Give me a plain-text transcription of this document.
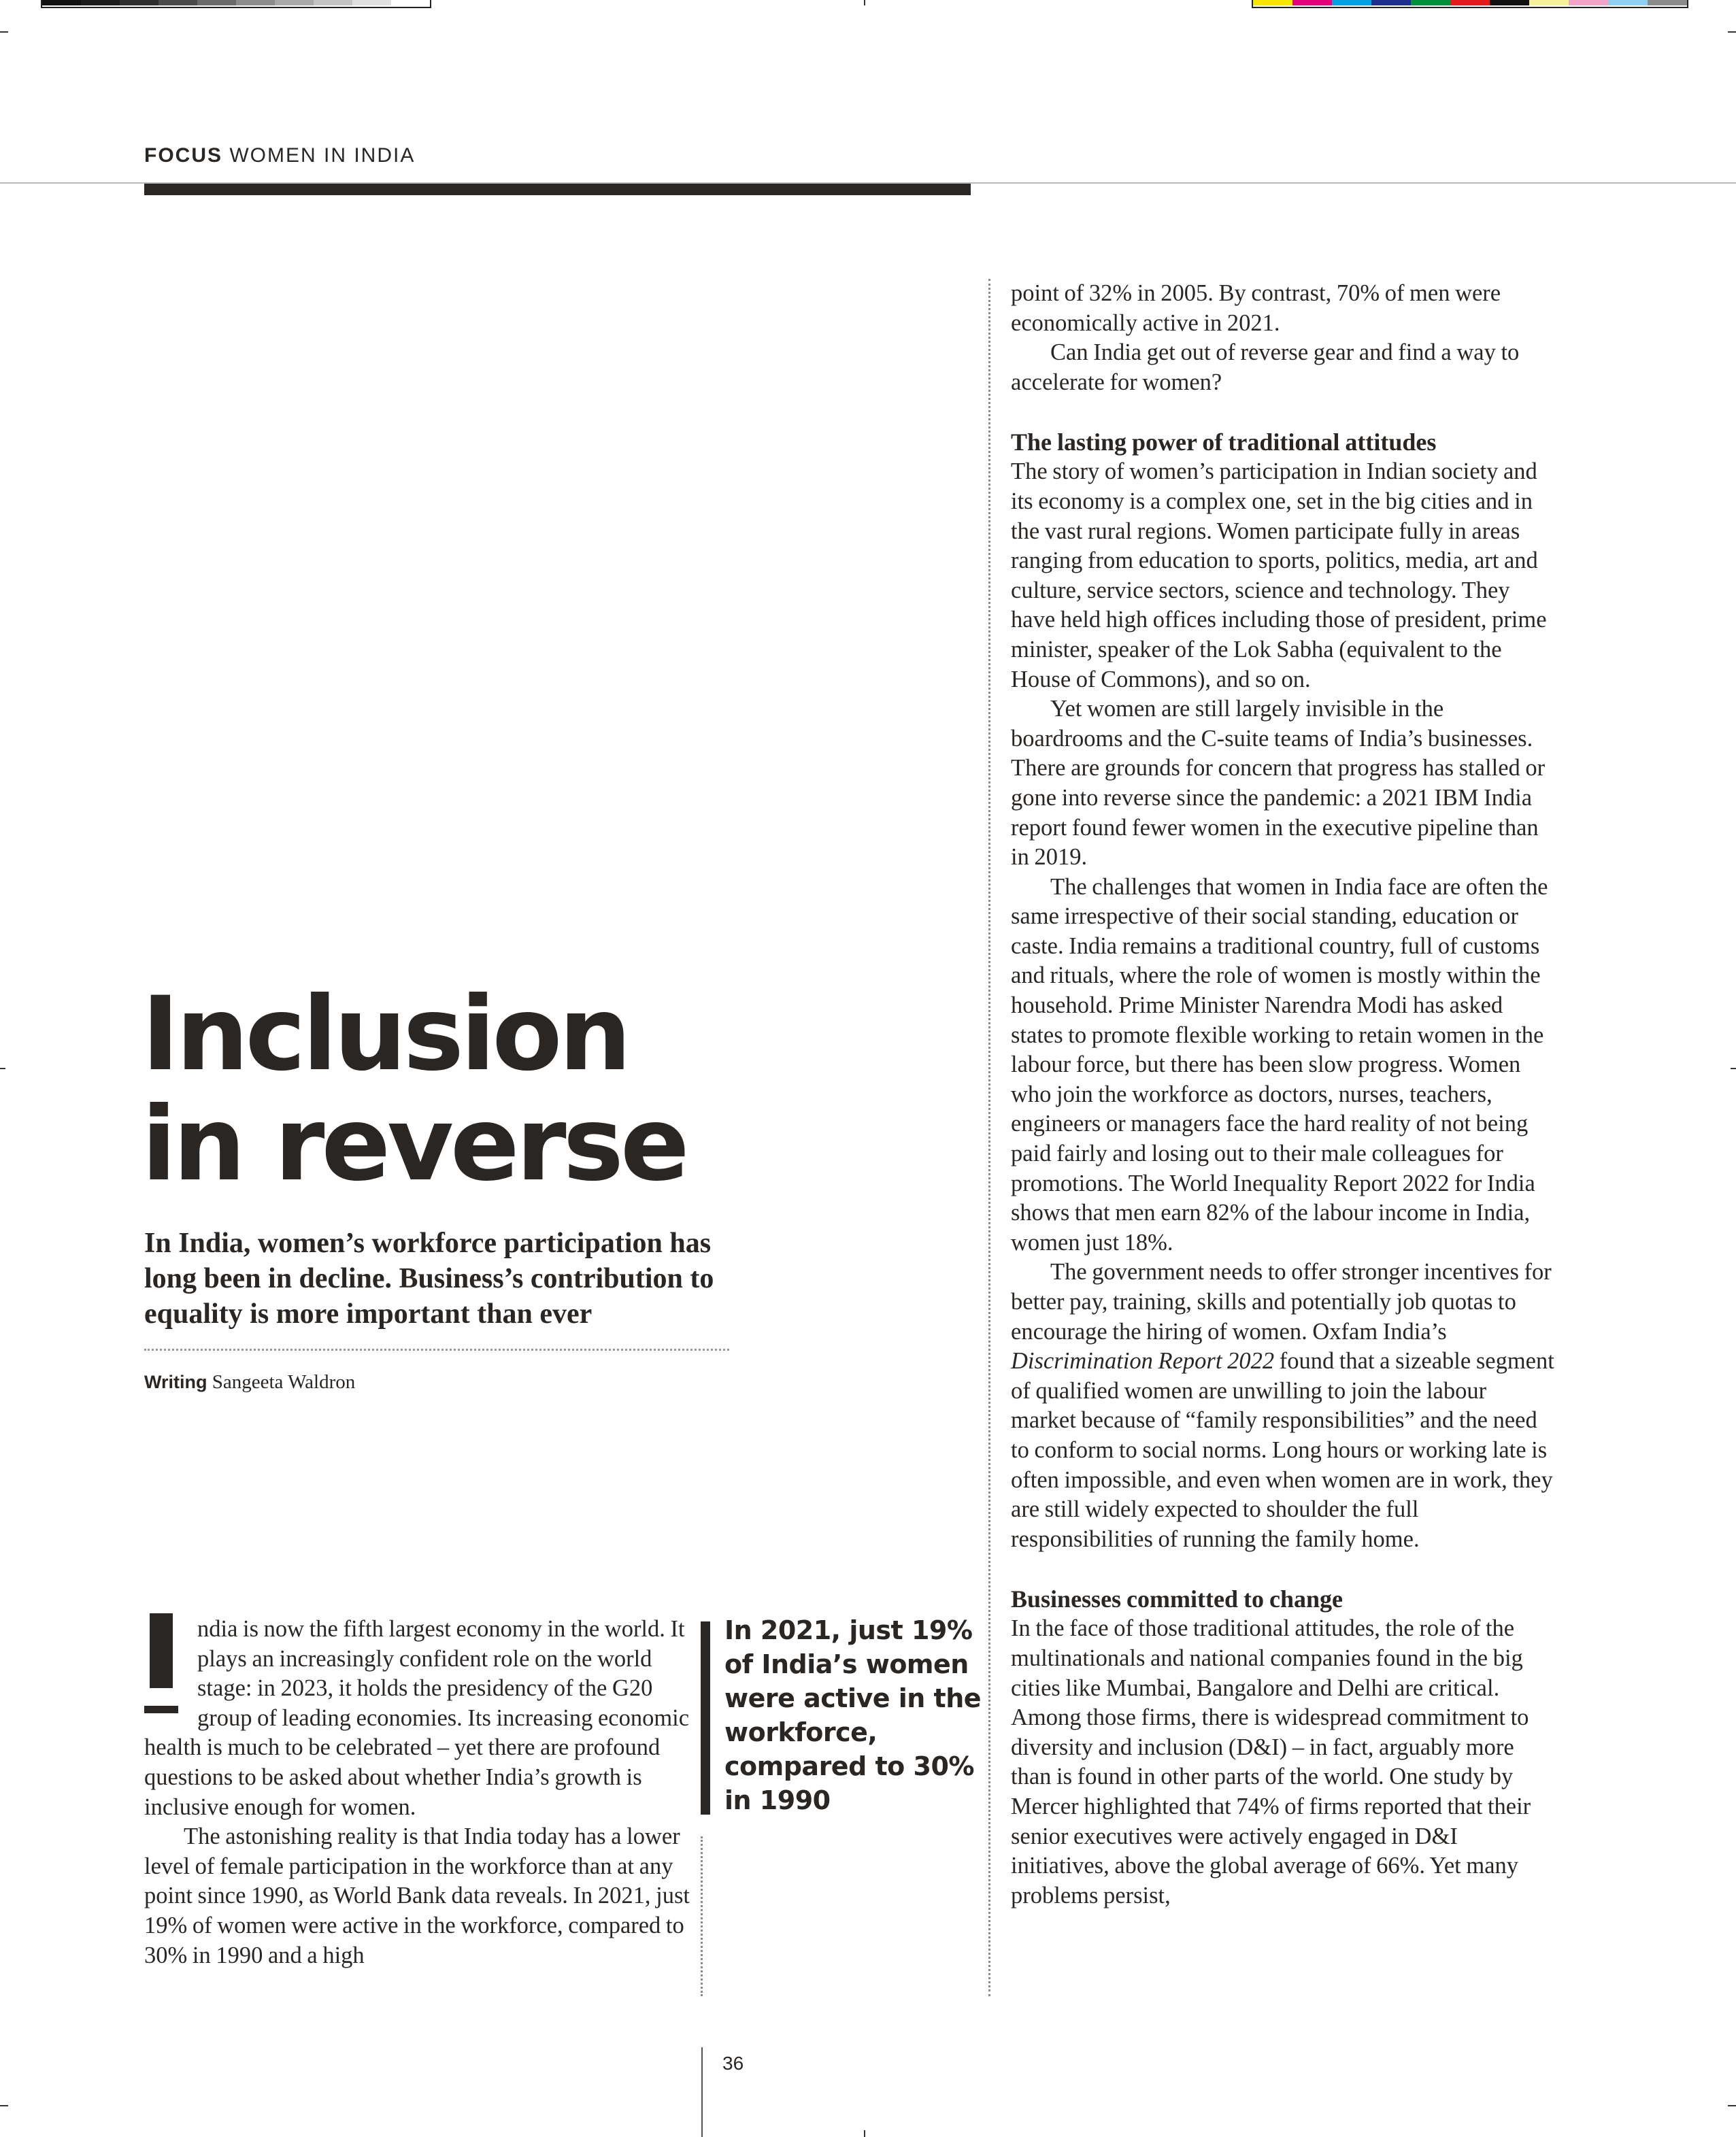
FOCUS WOMEN IN INDIA
Inclusion
in reverse
In India, women’s workforce participation has long been in decline. Business’s contribution to equality is more important than ever
Writing Sangeeta Waldron

ndia is now the fifth largest economy in the world. It plays an increasingly confident role on the world stage: in 2023, it holds the presidency of the G20 group of leading economies. Its increasing economic health is much to be celebrated – yet there are profound questions to be asked about whether India’s growth is inclusive enough for women.

The astonishing reality is that India today has a lower level of female participation in the workforce than at any point since 1990, as World Bank data reveals. In 2021, just 19% of women were active in the workforce, compared to 30% in 1990 and a high

In 2021, just 19% of India’s women were active in the workforce, compared to 30% in 1990

point of 32% in 2005. By contrast, 70% of men were economically active in 2021.

Can India get out of reverse gear and find a way to accelerate for women?

The lasting power of traditional attitudes

The story of women’s participation in Indian society and its economy is a complex one, set in the big cities and in the vast rural regions. Women participate fully in areas ranging from education to sports, politics, media, art and culture, service sectors, science and technology. They have held high offices including those of president, prime minister, speaker of the Lok Sabha (equivalent to the House of Commons), and so on.

Yet women are still largely invisible in the boardrooms and the C-suite teams of India’s businesses. There are grounds for concern that progress has stalled or gone into reverse since the pandemic: a 2021 IBM India report found fewer women in the executive pipeline than in 2019.

The challenges that women in India face are often the same irrespective of their social standing, education or caste. India remains a traditional country, full of customs and rituals, where the role of women is mostly within the household. Prime Minister Narendra Modi has asked states to promote flexible working to retain women in the labour force, but there has been slow progress. Women who join the workforce as doctors, nurses, teachers, engineers or managers face the hard reality of not being paid fairly and losing out to their male colleagues for promotions. The World Inequality Report 2022 for India shows that men earn 82% of the labour income in India, women just 18%.

The government needs to offer stronger incentives for better pay, training, skills and potentially job quotas to encourage the hiring of women. Oxfam India’s Discrimination Report 2022 found that a sizeable segment of qualified women are unwilling to join the labour market because of “family responsibilities” and the need to conform to social norms. Long hours or working late is often impossible, and even when women are in work, they are still widely expected to shoulder the full responsibilities of running the family home.

Businesses committed to change

In the face of those traditional attitudes, the role of the multinationals and national companies found in the big cities like Mumbai, Bangalore and Delhi are critical. Among those firms, there is widespread commitment to diversity and inclusion (D&I) – in fact, arguably more than is found in other parts of the world. One study by Mercer highlighted that 74% of firms reported that their senior executives were actively engaged in D&I initiatives, above the global average of 66%. Yet many problems persist,

36
